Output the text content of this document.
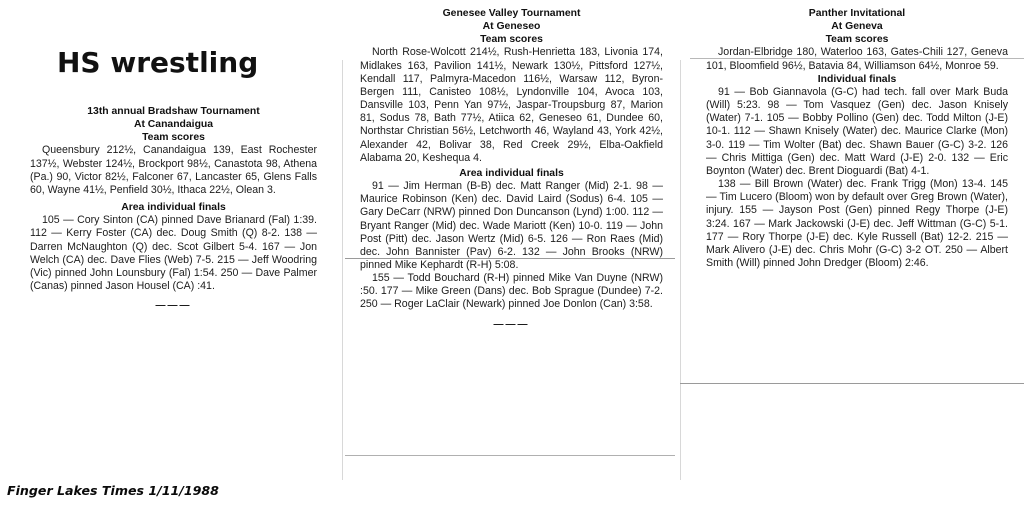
HS wrestling
13th annual Bradshaw Tournament
At Canandaigua
Team scores

Queensbury 212½, Canandaigua 139, East Rochester 137½, Webster 124½, Brockport 98½, Canastota 98, Athena (Pa.) 90, Victor 82½, Falconer 67, Lancaster 65, Glens Falls 60, Wayne 41½, Penfield 30½, Ithaca 22½, Olean 3.

Area individual finals

105 — Cory Sinton (CA) pinned Dave Brianard (Fal) 1:39. 112 — Kerry Foster (CA) dec. Doug Smith (Q) 8-2. 138 — Darren McNaughton (Q) dec. Scot Gilbert 5-4. 167 — Jon Welch (CA) dec. Dave Flies (Web) 7-5. 215 — Jeff Woodring (Vic) pinned John Lounsbury (Fal) 1:54. 250 — Dave Palmer (Canas) pinned Jason Housel (CA) :41.

———
Genesee Valley Tournament
At Geneseo
Team scores

North Rose-Wolcott 214½, Rush-Henrietta 183, Livonia 174, Midlakes 163, Pavilion 141½, Newark 130½, Pittsford 127½, Kendall 117, Palmyra-Macedon 116½, Warsaw 112, Byron-Bergen 111, Canisteo 108½, Lyndonville 104, Avoca 103, Dansville 103, Penn Yan 97½, Jaspar-Troupsburg 87, Marion 81, Sodus 78, Bath 77½, Atiica 62, Geneseo 61, Dundee 60, Northstar Christian 56½, Letchworth 46, Wayland 43, York 42½, Alexander 42, Bolivar 38, Red Creek 29½, Elba-Oakfield Alabama 20, Keshequa 4.

Area individual finals

91 — Jim Herman (B-B) dec. Matt Ranger (Mid) 2-1. 98 — Maurice Robinson (Ken) dec. David Laird (Sodus) 6-4. 105 — Gary DeCarr (NRW) pinned Don Duncanson (Lynd) 1:00. 112 — Bryant Ranger (Mid) dec. Wade Mariott (Ken) 10-0. 119 — John Post (Pitt) dec. Jason Wertz (Mid) 6-5. 126 — Ron Raes (Mid) dec. John Bannister (Pav) 6-2. 132 — John Brooks (NRW) pinned Mike Kephardt (R-H) 5:08.

155 — Todd Bouchard (R-H) pinned Mike Van Duyne (NRW) :50. 177 — Mike Green (Dans) dec. Bob Sprague (Dundee) 7-2. 250 — Roger LaClair (Newark) pinned Joe Donlon (Can) 3:58.

———
Panther Invitational
At Geneva
Team scores

Jordan-Elbridge 180, Waterloo 163, Gates-Chili 127, Geneva 101, Bloomfield 96½, Batavia 84, Williamson 64½, Monroe 59.

Individual finals

91 — Bob Giannavola (G-C) had tech. fall over Mark Buda (Will) 5:23. 98 — Tom Vasquez (Gen) dec. Jason Knisely (Water) 7-1. 105 — Bobby Pollino (Gen) dec. Todd Milton (J-E) 10-1. 112 — Shawn Knisely (Water) dec. Maurice Clarke (Mon) 3-0. 119 — Tim Wolter (Bat) dec. Shawn Bauer (G-C) 3-2. 126 — Chris Mittiga (Gen) dec. Matt Ward (J-E) 2-0. 132 — Eric Boynton (Water) dec. Brent Dioguardi (Bat) 4-1.

138 — Bill Brown (Water) dec. Frank Trigg (Mon) 13-4. 145 — Tim Lucero (Bloom) won by default over Greg Brown (Water), injury. 155 — Jayson Post (Gen) pinned Regy Thorpe (J-E) 3:24. 167 — Mark Jackowski (J-E) dec. Jeff Wittman (G-C) 5-1. 177 — Rory Thorpe (J-E) dec. Kyle Russell (Bat) 12-2. 215 — Mark Alivero (J-E) dec. Chris Mohr (G-C) 3-2 OT. 250 — Albert Smith (Will) pinned John Dredger (Bloom) 2:46.

Finger Lakes Times 1/11/1988
